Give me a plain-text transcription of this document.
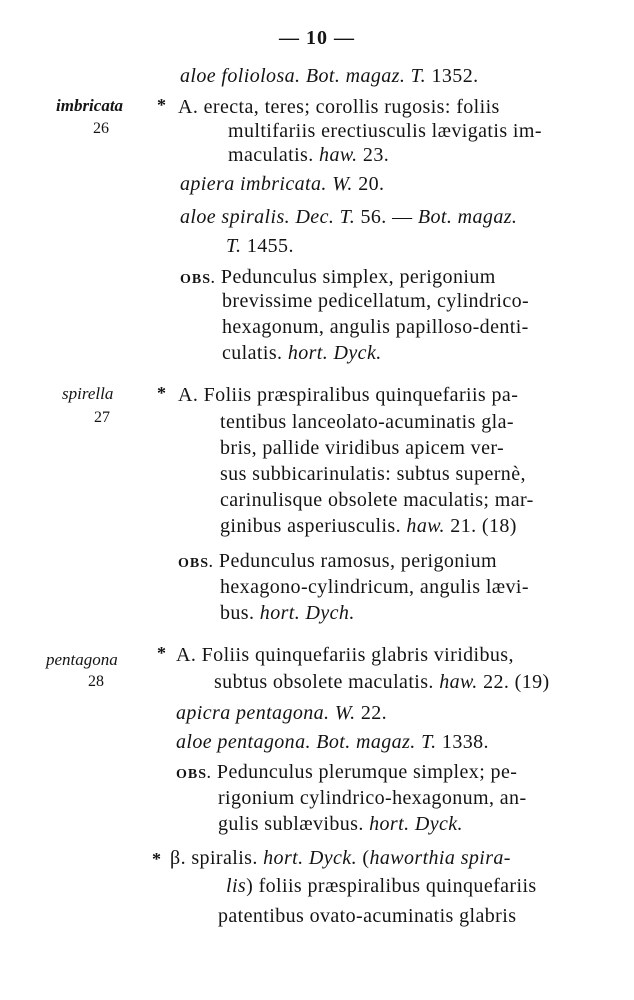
— 10 —
imbricata
26
*
spirella
27
*
pentagona
28
*
*
aloe foliolosa. Bot. magaz. T. 1352.
A. erecta, teres; corollis rugosis: foliis
multifariis erectiusculis lævigatis im-
maculatis. haw. 23.
apiera imbricata. W. 20.
aloe spiralis. Dec. T. 56. — Bot. magaz.
T. 1455.
OBS. Pedunculus simplex, perigonium
brevissime pedicellatum, cylindrico-
hexagonum, angulis papilloso-denti-
culatis. hort. Dyck.
A. Foliis præspiralibus quinquefariis pa-
tentibus lanceolato-acuminatis gla-
bris, pallide viridibus apicem ver-
sus subbicarinulatis: subtus supernè,
carinulisque obsolete maculatis; mar-
ginibus asperiusculis. haw. 21. (18)
OBS. Pedunculus ramosus, perigonium
hexagono-cylindricum, angulis lævi-
bus. hort. Dych.
A. Foliis quinquefariis glabris viridibus,
subtus obsolete maculatis. haw. 22. (19)
apicra pentagona. W. 22.
aloe pentagona. Bot. magaz. T. 1338.
OBS. Pedunculus plerumque simplex; pe-
rigonium cylindrico-hexagonum, an-
gulis sublævibus. hort. Dyck.
β. spiralis. hort. Dyck. (haworthia spira-
lis) foliis præspiralibus quinquefariis
patentibus ovato-acuminatis glabris
